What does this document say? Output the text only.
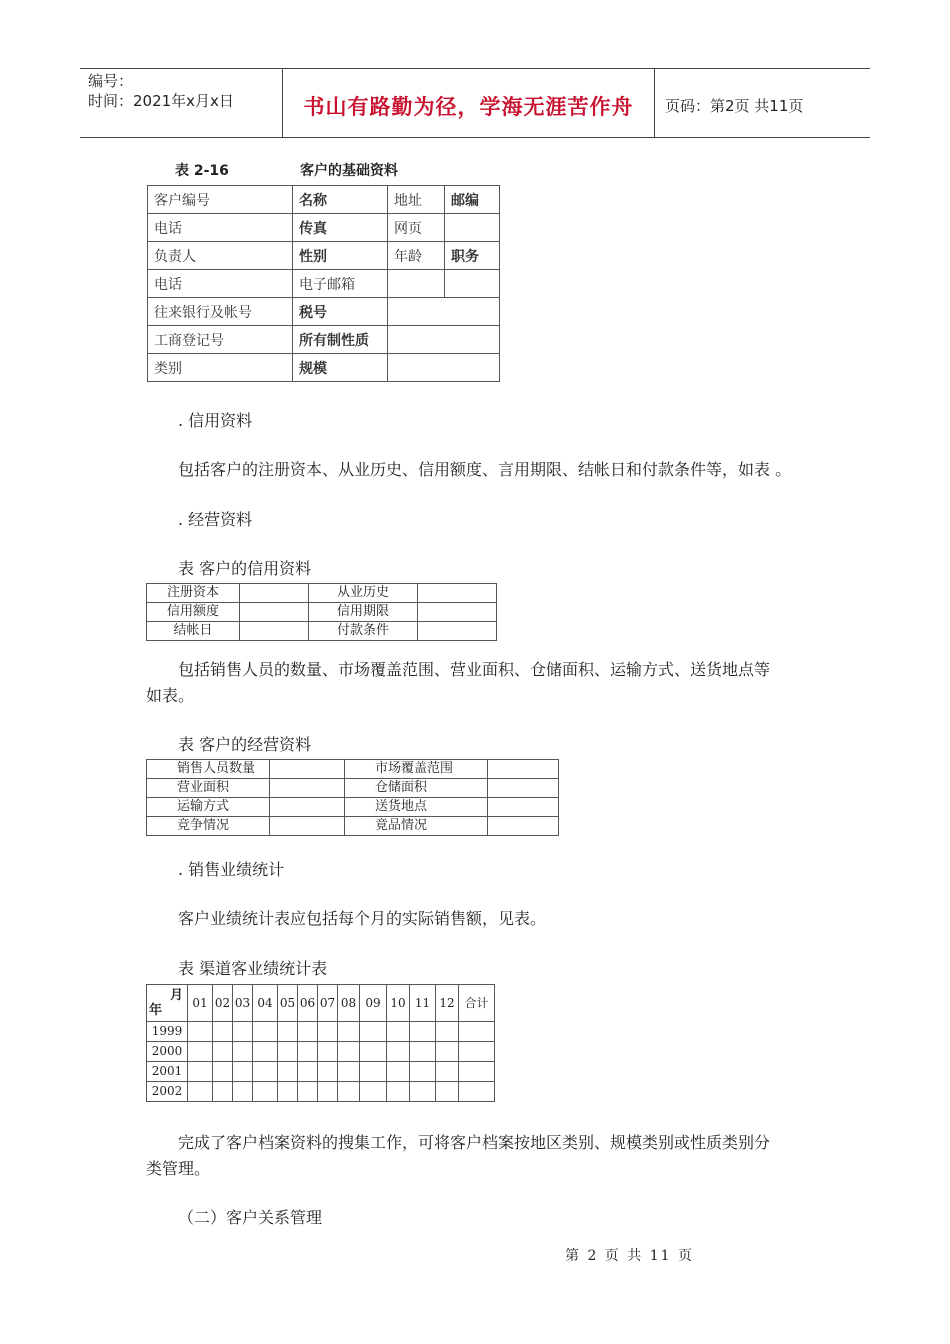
编号：
时间：2021年x月x日	书山有路勤为径，学海无涯苦作舟	页码：第2页 共11页
表 2-16	客户的基础资料
客户编号	名称	地址	邮编
电话	传真	网页	
负责人	性别	年龄	职务
电话	电子邮箱		
往来银行及帐号	税号		
工商登记号	所有制性质		
类别	规模		
. 信用资料
包括客户的注册资本、从业历史、信用额度、言用期限、结帐日和付款条件等，如表 。
. 经营资料
表 客户的信用资料
注册资本		从业历史	
信用额度		信用期限	
结帐日		付款条件	
包括销售人员的数量、市场覆盖范围、营业面积、仓储面积、运输方式、送货地点等
如表。
表 客户的经营资料
销售人员数量		市场覆盖范围	
营业面积		仓储面积	
运输方式		送货地点	
竞争情况		竟品情况	
. 销售业绩统计
客户业绩统计表应包括每个月的实际销售额，见表。
表 渠道客业绩统计表
月
年	01	02	03	04	05	06	07	08	09	10	11	12	合计
1999													
2000													
2001													
2002													
完成了客户档案资料的搜集工作，可将客户档案按地区类别、规模类别或性质类别分
类管理。
（二）客户关系管理
第 2 页 共 11 页
